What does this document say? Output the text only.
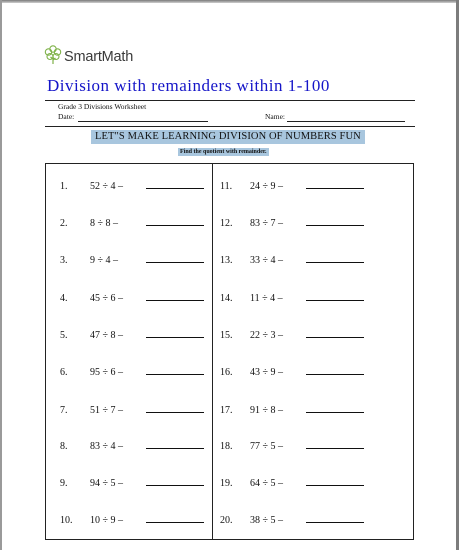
SmartMath
Division with remainders within 1-100
Grade 3 Divisions Worksheet
Date:	Name:
LET"S MAKE LEARNING DIVISION OF NUMBERS FUN
Find the quotient with remainder.
1.	52 ÷ 4 –
2.	8 ÷ 8 –
3.	9 ÷ 4 –
4.	45 ÷ 6 –
5.	47 ÷ 8 –
6.	95 ÷ 6 –
7.	51 ÷ 7 –
8.	83 ÷ 4 –
9.	94 ÷ 5 –
10.	10 ÷ 9 –
11.	24 ÷ 9 –
12.	83 ÷ 7 –
13.	33 ÷ 4 –
14.	11 ÷ 4 –
15.	22 ÷ 3 –
16.	43 ÷ 9 –
17.	91 ÷ 8 –
18.	77 ÷ 5 –
19.	64 ÷ 5 –
20.	38 ÷ 5 –
